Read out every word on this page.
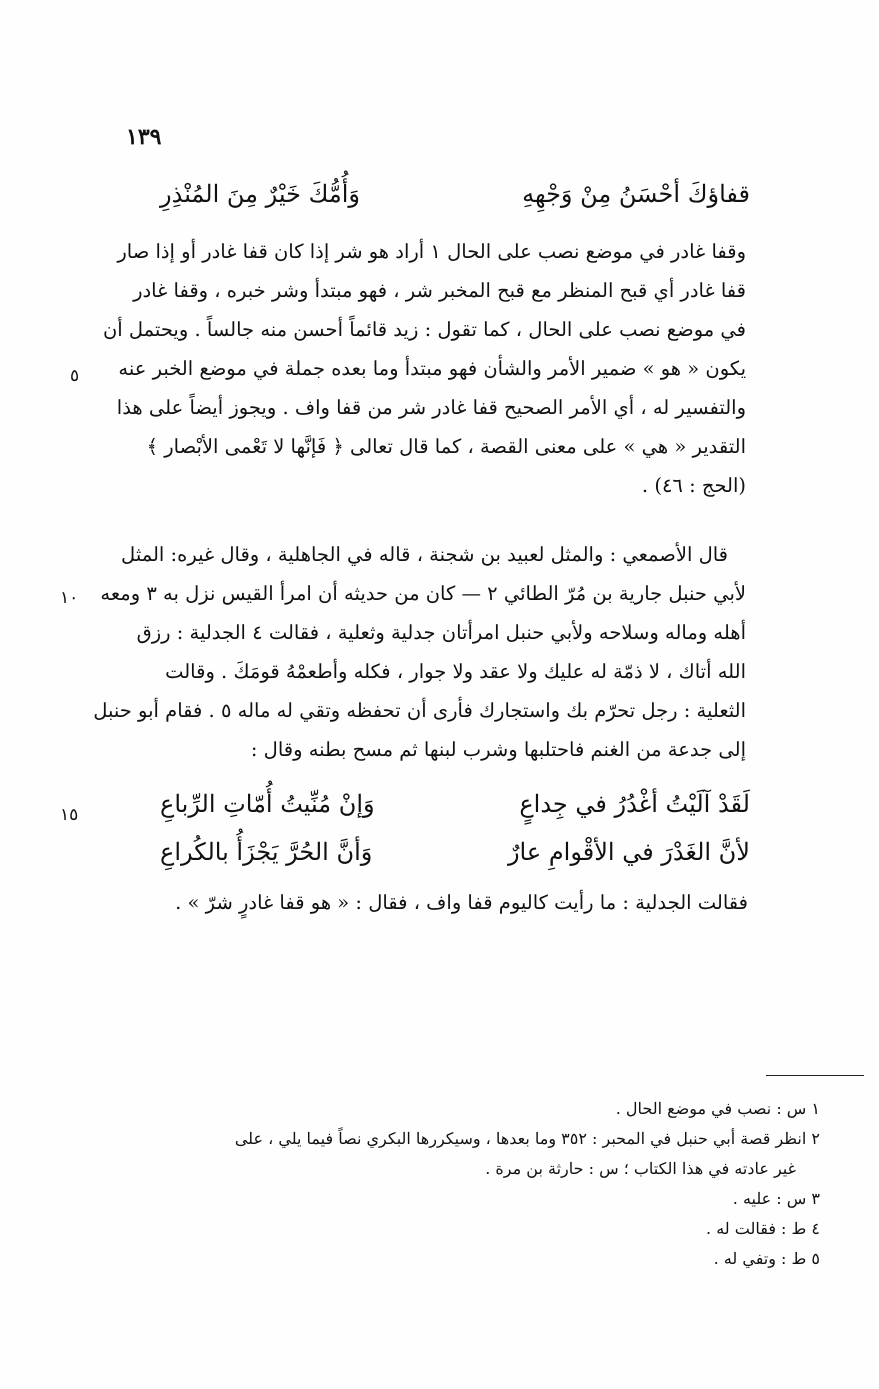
١٣٩
قفاؤكَ أحْسَنُ مِنْ وَجْهِهِ
وَأُمُّكَ خَيْرٌ مِنَ المُنْذِرِ
وقفا غادر في موضع نصب على الحال ١ أراد هو شر إذا كان قفا غادر أو إذا صار
قفا غادر أي قبح المنظر مع قبح المخبر شر ، فهو مبتدأ وشر خبره ، وقفا غادر
في موضع نصب على الحال ، كما تقول : زيد قائماً أحسن منه جالساً . ويحتمل أن
يكون « هو » ضمير الأمر والشأن فهو مبتدأ وما بعده جملة في موضع الخبر عنه
والتفسير له ، أي الأمر الصحيح قفا غادر شر من قفا واف . ويجوز أيضاً على هذا
التقدير « هي » على معنى القصة ، كما قال تعالى ﴿ فَإنَّها لا تَعْمى الأبْصار ﴾
(الحج : ٤٦) .
٥
قال الأصمعي : والمثل لعبيد بن شجنة ، قاله في الجاهلية ، وقال غيره: المثل
لأبي حنبل جارية بن مُرّ الطائي ٢ — كان من حديثه أن امرأ القيس نزل به ٣ ومعه
أهله وماله وسلاحه ولأبي حنبل امرأتان جدلية وثعلية ، فقالت ٤ الجدلية : رزق
الله أتاك ، لا ذمّة له عليك ولا عقد ولا جوار ، فكله وأطعمْهُ قومَكَ . وقالت
الثعلية : رجل تحرّم بك واستجارك فأرى أن تحفظه وتقي له ماله ٥ . فقام أبو حنبل
إلى جدعة من الغنم فاحتلبها وشرب لبنها ثم مسح بطنه وقال :
١٠
لَقَدْ آلَيْتُ أغْدُرُ في جِداعٍ
وَإنْ مُنِّيتُ أُمّاتِ الرِّباعِ
١٥
لأنَّ الغَدْرَ في الأقْوامِ عارٌ
وَأنَّ الحُرَّ يَجْزَأُ بالكُراعِ
فقالت الجدلية : ما رأيت كاليوم قفا واف ، فقال : « هو قفا غادرٍ شرّ » .
١ س : نصب في موضع الحال .
٢ انظر قصة أبي حنبل في المحبر : ٣٥٢ وما بعدها ، وسيكررها البكري نصاً فيما يلي ، على
غير عادته في هذا الكتاب ؛ س : حارثة بن مرة .
٣ س : عليه .
٤ ط : فقالت له .
٥ ط : وتفي له .
